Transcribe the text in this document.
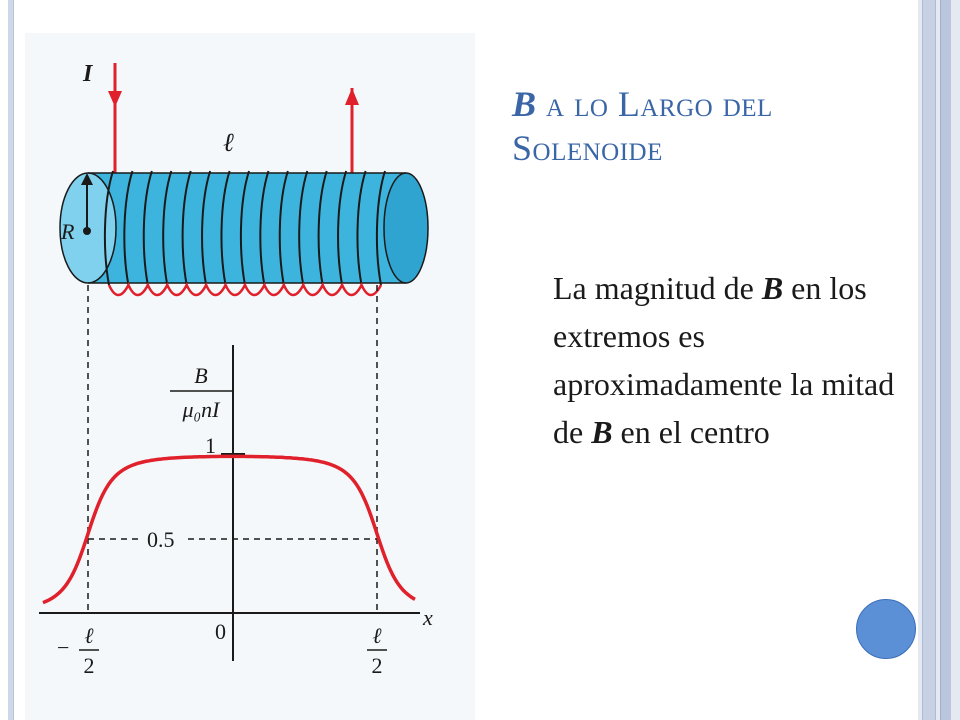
I
ℓ
R
x
B
μ₀nI
1
0.5
0
− ℓ
2
ℓ
2
B a lo Largo del Solenoide
La magnitud de B en los extremos es aproximadamente la mitad de B en el centro
